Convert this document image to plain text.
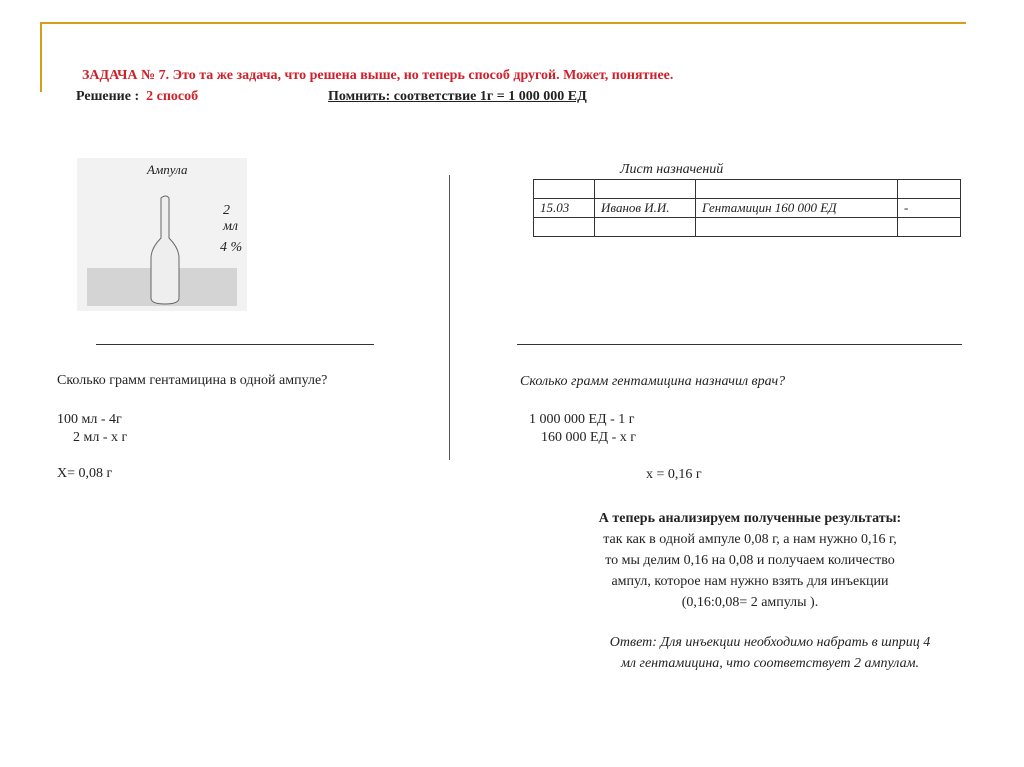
ЗАДАЧА № 7. Это та же задача, что решена выше, но теперь способ другой. Может, понятнее.
Решение : 2 способ	Помнить: соответствие 1г = 1 000 000 ЕД
Ампула
2 мл
4 %
Лист назначений

15.03	Иванов И.И.	Гентамицин 160 000 ЕД	-

Сколько грамм гентамицина в одной ампуле?
100 мл - 4г
2 мл - х г
Х= 0,08 г
Сколько грамм гентамицина назначил врач?
1 000 000 ЕД - 1 г
160 000 ЕД - х г
х = 0,16 г
А теперь анализируем полученные результаты:
так как в одной ампуле 0,08 г, а нам нужно 0,16 г,
то мы делим 0,16 на 0,08 и получаем количество
ампул, которое нам нужно взять для инъекции
(0,16:0,08= 2 ампулы ).
Ответ: Для инъекции необходимо набрать в шприц 4
мл гентамицина, что соответствует 2 ампулам.
